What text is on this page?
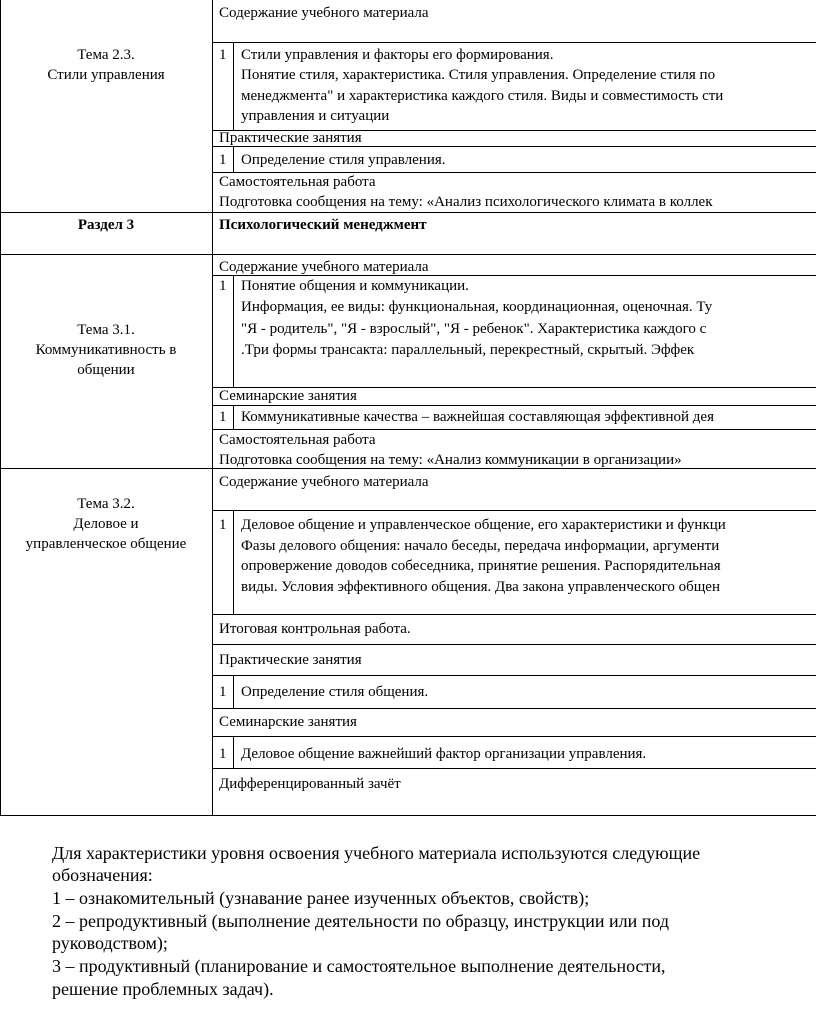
Тема 2.3.
Стили управления
Раздел 3	Психологический менеджмент
Тема 3.1.
Коммуникативность в
общении
Тема 3.2.
Деловое и
управленческое общение
Содержание учебного материала
1 Стили управления и факторы его формирования.
Понятие стиля, характеристика. Стиля управления. Определение стиля по
менеджмента" и характеристика каждого стиля. Виды и совместимость сти
управления и ситуации
Практические занятия
1 Определение стиля управления.
Самостоятельная работа
Подготовка сообщения на тему: «Анализ психологического климата в коллек
Содержание учебного материала
1 Понятие общения и коммуникации.
Информация, ее виды: функциональная, координационная, оценочная. Ту
"Я - родитель", "Я - взрослый", "Я - ребенок". Характеристика каждого с
.Три формы трансакта: параллельный, перекрестный, скрытый. Эффек
Семинарские занятия
1 Коммуникативные качества – важнейшая составляющая эффективной дея
Самостоятельная работа
Подготовка сообщения на тему: «Анализ коммуникации в организации»
Содержание учебного материала
1 Деловое общение и управленческое общение, его характеристики и функци
Фазы делового общения: начало беседы, передача информации, аргументи
опровержение доводов собеседника, принятие решения. Распорядительная
виды. Условия эффективного общения. Два закона управленческого общен
Итоговая контрольная работа.
Практические занятия
1 Определение стиля общения.
Семинарские занятия
1 Деловое общение важнейший фактор организации управления.
Дифференцированный зачёт
Для характеристики уровня освоения учебного материала используются следующие
обозначения:
1 – ознакомительный (узнавание ранее изученных объектов, свойств);
2 – репродуктивный (выполнение деятельности по образцу, инструкции или под
руководством);
3 – продуктивный (планирование и самостоятельное выполнение деятельности,
решение проблемных задач).
